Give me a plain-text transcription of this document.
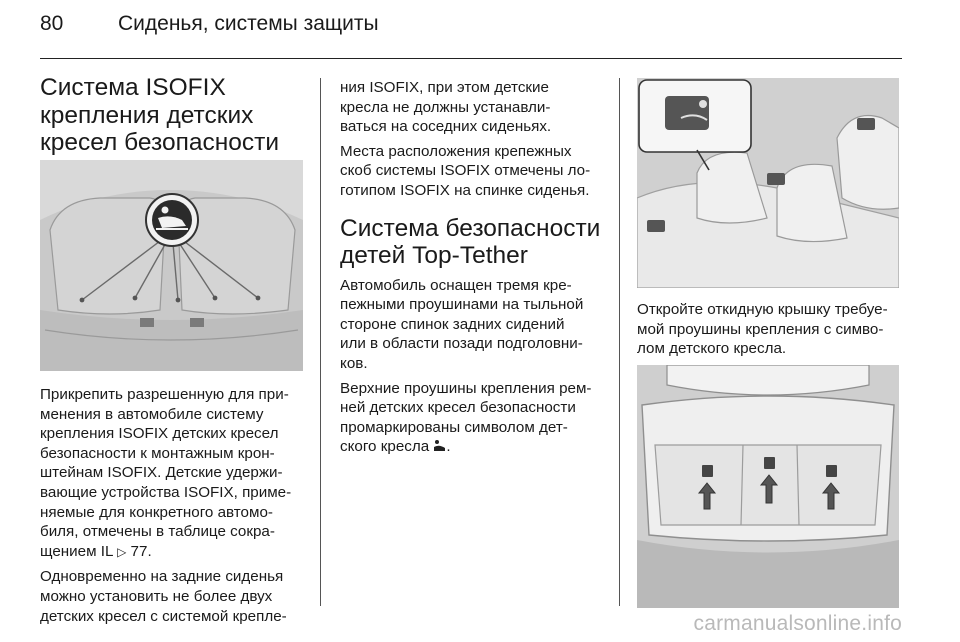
80	Сиденья, системы защиты
Система ISOFIX
крепления детских
кресел безопасности

Прикрепить разрешенную для при-
менения в автомобиле систему
крепления ISOFIX детских кресел
безопасности к монтажным крон-
штейнам ISOFIX. Детские удержи-
вающие устройства ISOFIX, приме-
няемые для конкретного автомо-
биля, отмечены в таблице сокра-
щением IL ▷ 77.

Одновременно на задние сиденья
можно установить не более двух
детских кресел с системой крепле-

ния ISOFIX, при этом детские
кресла не должны устанавли-
ваться на соседних сиденьях.

Места расположения крепежных
скоб системы ISOFIX отмечены ло-
готипом ISOFIX на спинке сиденья.

Система безопасности
детей Top-Tether

Автомобиль оснащен тремя кре-
пежными проушинами на тыльной
стороне спинок задних сидений
или в области позади подголовни-
ков.

Верхние проушины крепления рем-
ней детских кресел безопасности
промаркированы символом дет-
ского кресла .

Откройте откидную крышку требуе-
мой проушины крепления с симво-
лом детского кресла.

carmanualsonline.info
